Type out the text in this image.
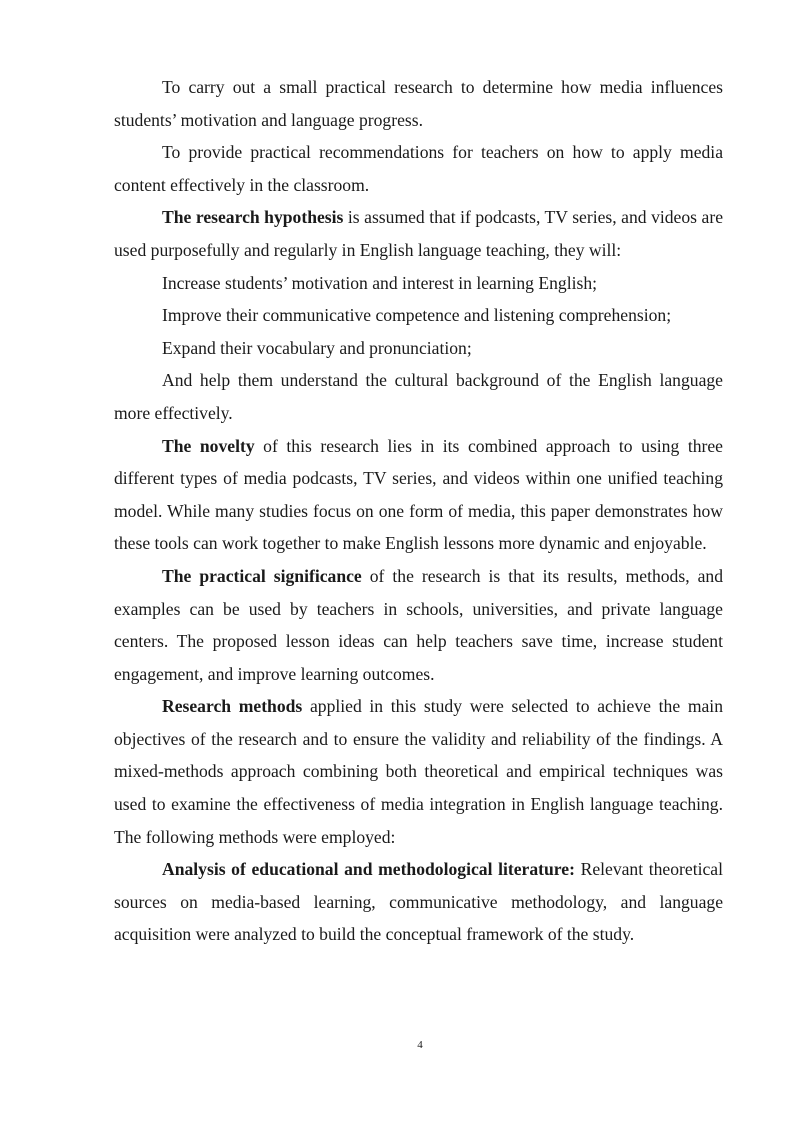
To carry out a small practical research to determine how media influences students’ motivation and language progress.

To provide practical recommendations for teachers on how to apply media content effectively in the classroom.

The research hypothesis is assumed that if podcasts, TV series, and videos are used purposefully and regularly in English language teaching, they will:

Increase students’ motivation and interest in learning English;

Improve their communicative competence and listening comprehension;

Expand their vocabulary and pronunciation;

And help them understand the cultural background of the English language more effectively.

The novelty of this research lies in its combined approach to using three different types of media podcasts, TV series, and videos within one unified teaching model. While many studies focus on one form of media, this paper demonstrates how these tools can work together to make English lessons more dynamic and enjoyable.

The practical significance of the research is that its results, methods, and examples can be used by teachers in schools, universities, and private language centers. The proposed lesson ideas can help teachers save time, increase student engagement, and improve learning outcomes.

Research methods applied in this study were selected to achieve the main objectives of the research and to ensure the validity and reliability of the findings. A mixed-methods approach combining both theoretical and empirical techniques was used to examine the effectiveness of media integration in English language teaching. The following methods were employed:

Analysis of educational and methodological literature: Relevant theoretical sources on media-based learning, communicative methodology, and language acquisition were analyzed to build the conceptual framework of the study.

4
